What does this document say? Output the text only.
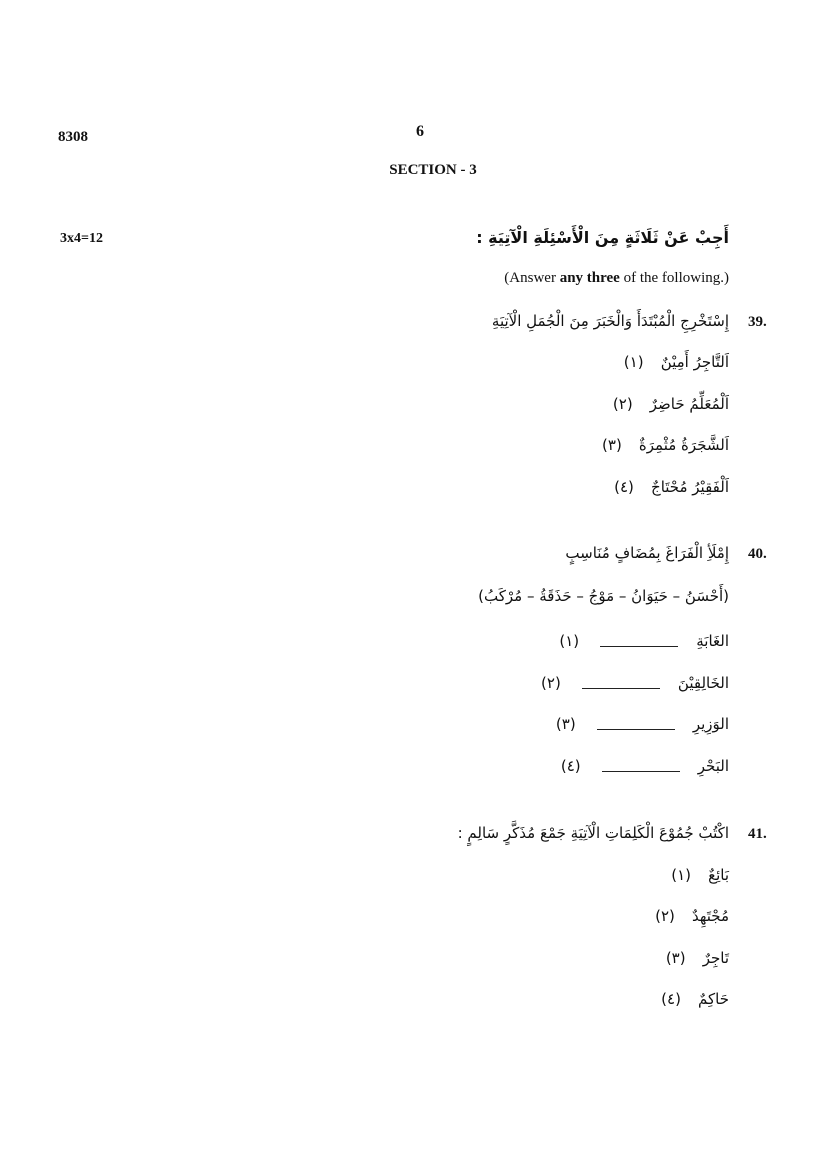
8308	6
SECTION - 3
3x4=12	أَجِبْ عَنْ ثَلَاثَةٍ مِنَ الْأَسْئِلَةِ الْآتِيَةِ :
(Answer any three of the following.)
39.
إِسْتَخْرِجِ الْمُبْتَدَأَ وَالْخَبَرَ مِنَ الْجُمَلِ الْآتِيَةِ
(١) اَلتَّاجِرُ أَمِيْنٌ
(٢) اَلْمُعَلِّمُ حَاضِرٌ
(٣) اَلشَّجَرَةُ مُثْمِرَةٌ
(٤) اَلْفَقِيْرُ مُحْتَاجٌ
40.
إِمْلَأِ الْفَرَاغَ بِمُضَافٍ مُنَاسِبٍ
(أَحْسَنُ – حَيَوَانُ – مَوْجُ – حَذَقَةُ – مُرْكَبُ)
(١)	الغَابَةِ
(٢)	الخَالِقِيْنَ
(٣)	الوَزِيرِ
(٤)	البَحْرِ
41.
اكْتُبْ جُمُوْعَ الْكَلِمَاتِ الْآتِيَةِ جَمْعَ مُذَكَّرٍ سَالِمٍ :
(١) بَائِعٌ
(٢) مُجْتَهِدٌ
(٣) تَاجِرٌ
(٤) حَاكِمٌ
